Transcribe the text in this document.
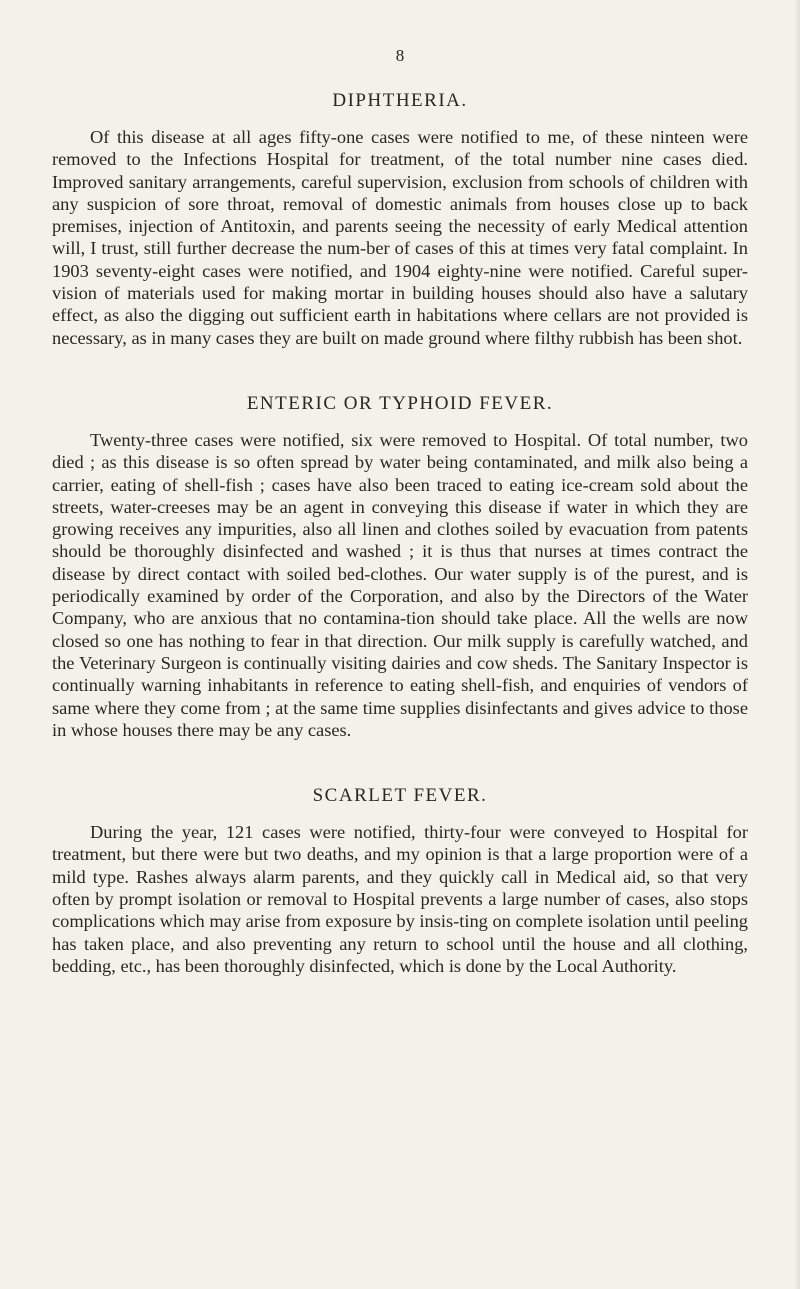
8
DIPHTHERIA.

Of this disease at all ages fifty-one cases were notified to me, of these ninteen were removed to the Infections Hospital for treatment, of the total number nine cases died. Improved sanitary arrangements, careful supervision, exclusion from schools of children with any suspicion of sore throat, removal of domestic animals from houses close up to back premises, injection of Antitoxin, and parents seeing the necessity of early Medical attention will, I trust, still further decrease the num-ber of cases of this at times very fatal complaint. In 1903 seventy-eight cases were notified, and 1904 eighty-nine were notified. Careful super-vision of materials used for making mortar in building houses should also have a salutary effect, as also the digging out sufficient earth in habitations where cellars are not provided is necessary, as in many cases they are built on made ground where filthy rubbish has been shot.

ENTERIC OR TYPHOID FEVER.

Twenty-three cases were notified, six were removed to Hospital. Of total number, two died ; as this disease is so often spread by water being contaminated, and milk also being a carrier, eating of shell-fish ; cases have also been traced to eating ice-cream sold about the streets, water-creeses may be an agent in conveying this disease if water in which they are growing receives any impurities, also all linen and clothes soiled by evacuation from patents should be thoroughly disinfected and washed ; it is thus that nurses at times contract the disease by direct contact with soiled bed-clothes. Our water supply is of the purest, and is periodically examined by order of the Corporation, and also by the Directors of the Water Company, who are anxious that no contamina-tion should take place. All the wells are now closed so one has nothing to fear in that direction. Our milk supply is carefully watched, and the Veterinary Surgeon is continually visiting dairies and cow sheds. The Sanitary Inspector is continually warning inhabitants in reference to eating shell-fish, and enquiries of vendors of same where they come from ; at the same time supplies disinfectants and gives advice to those in whose houses there may be any cases.

SCARLET FEVER.

During the year, 121 cases were notified, thirty-four were conveyed to Hospital for treatment, but there were but two deaths, and my opinion is that a large proportion were of a mild type. Rashes always alarm parents, and they quickly call in Medical aid, so that very often by prompt isolation or removal to Hospital prevents a large number of cases, also stops complications which may arise from exposure by insis-ting on complete isolation until peeling has taken place, and also preventing any return to school until the house and all clothing, bedding, etc., has been thoroughly disinfected, which is done by the Local Authority.
